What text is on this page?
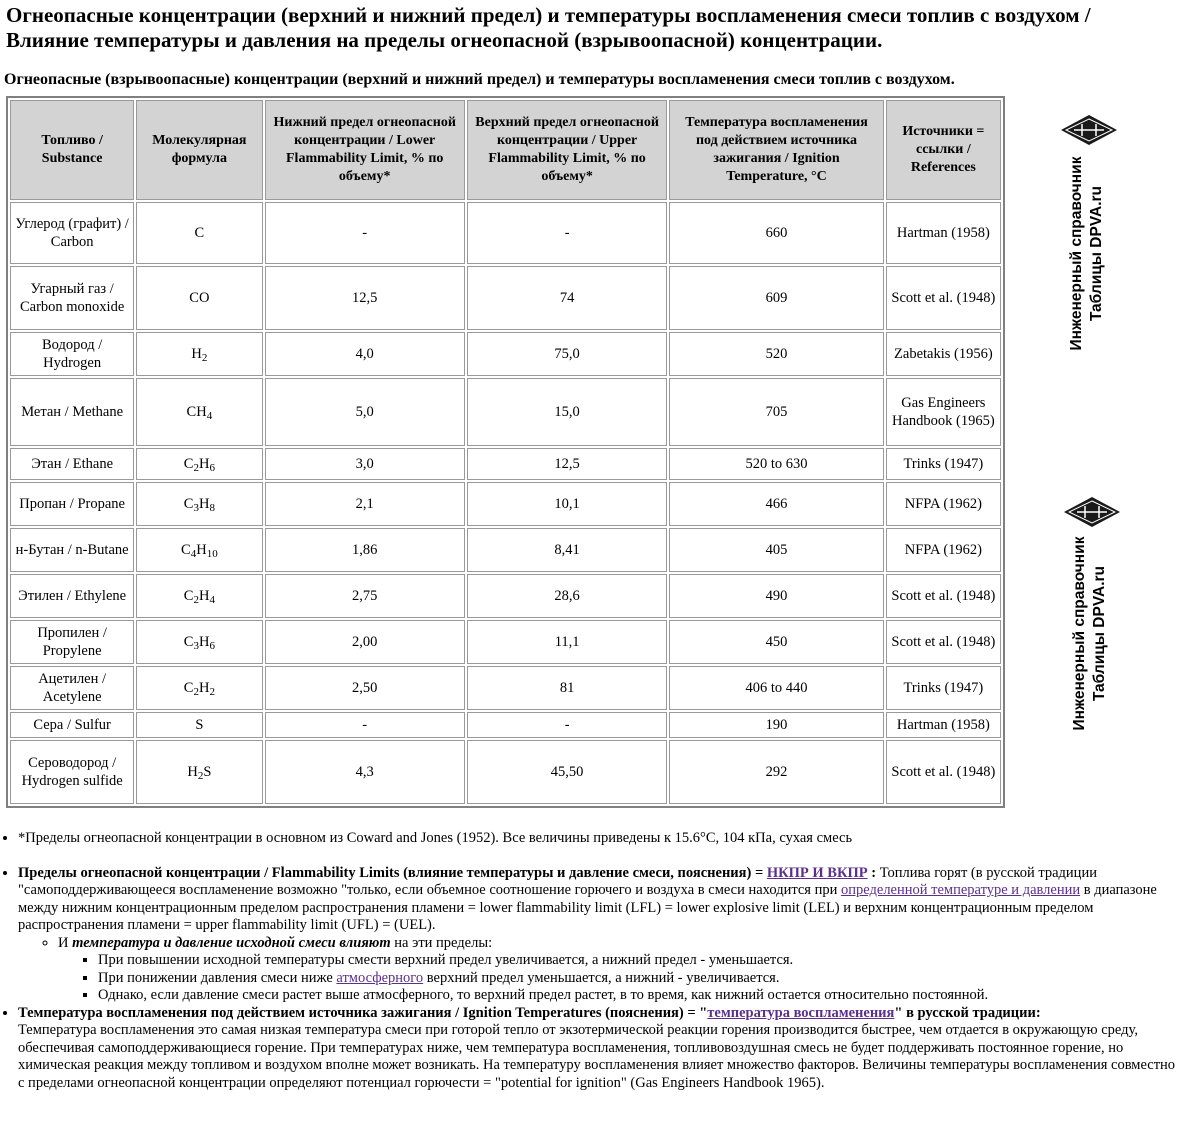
Огнеопасные концентрации (верхний и нижний предел) и температуры воспламенения смеси топлив с воздухом / Влияние температуры и давления на пределы огнеопасной (взрывоопасной) концентрации.
Огнеопасные (взрывоопасные) концентрации (верхний и нижний предел) и температуры воспламенения смеси топлив с воздухом.
Топливо / Substance	Молекулярная формула	Нижний предел огнеопасной концентрации / Lower Flammability Limit, % по объему*	Верхний предел огнеопасной концентрации / Upper Flammability Limit, % по объему*	Температура воспламенения под действием источника зажигания / Ignition Temperature, °C	Источники = ссылки / References
Углерод (графит) / Carbon	C	-	-	660	Hartman (1958)
Угарный газ / Carbon monoxide	CO	12,5	74	609	Scott et al. (1948)
Водород / Hydrogen	$H_2$	4,0	75,0	520	Zabetakis (1956)
Метан / Methane	$CH_4$	5,0	15,0	705	Gas Engineers Handbook (1965)
Этан / Ethane	$C_2H_6$	3,0	12,5	520 to 630	Trinks (1947)
Пропан / Propane	$C_3H_8$	2,1	10,1	466	NFPA (1962)
н-Бутан / n-Butane	$C_4H_{10}$	1,86	8,41	405	NFPA (1962)
Этилен / Ethylene	$C_2H_4$	2,75	28,6	490	Scott et al. (1948)
Пропилен / Propylene	$C_3H_6$	2,00	11,1	450	Scott et al. (1948)
Ацетилен / Acetylene	$C_2H_2$	2,50	81	406 to 440	Trinks (1947)
Сера / Sulfur	S	-	-	190	Hartman (1958)
Сероводород / Hydrogen sulfide	$H_2S$	4,3	45,50	292	Scott et al. (1948)
Инженерный справочник Таблицы DPVA.ru
Инженерный справочник Таблицы DPVA.ru
• *Пределы огнеопасной концентрации в основном из Coward and Jones (1952). Все величины приведены к 15.6°C, 104 кПа, сухая смесь
• Пределы огнеопасной концентрации / Flammability Limits (влияние температуры и давление смеси, пояснения) = НКПР И ВКПР : Топлива горят (в русской традиции "самоподдерживающееся воспламенение возможно "только, если объемное соотношение горючего и воздуха в смеси находится при определенной температуре и давлении в диапазоне между нижним концентрационным пределом распространения пламени = lower flammability limit (LFL) = lower explosive limit (LEL) и верхним концентрационным пределом распространения пламени = upper flammability limit (UFL) = (UEL).
◦ И температура и давление исходной смеси влияют на эти пределы:
▪ При повышении исходной температуры смести верхний предел увеличивается, а нижний предел - уменьшается.
▪ При понижении давления смеси ниже атмосферного верхний предел уменьшается, а нижний - увеличивается.
▪ Однако, если давление смеси растет выше атмосферного, то верхний предел растет, в то время, как нижний остается относительно постоянной.
• Температура воспламенения под действием источника зажигания / Ignition Temperatures (пояснения) = "температура воспламенения" в русской традиции:
Температура воспламенения это самая низкая температура смеси при готорой тепло от экзотермической реакции горения производится быстрее, чем отдается в окружающую среду, обеспечивая самоподдерживающиеся горение. При температурах ниже, чем температура воспламенения, топливовоздушная смесь не будет поддерживать постоянное горение, но химическая реакция между топливом и воздухом вполне может возникать. На температуру воспламенения влияет множество факторов. Величины температуры воспламенения совместно с пределами огнеопасной концентрации определяют потенциал горючести = "potential for ignition" (Gas Engineers Handbook 1965).
